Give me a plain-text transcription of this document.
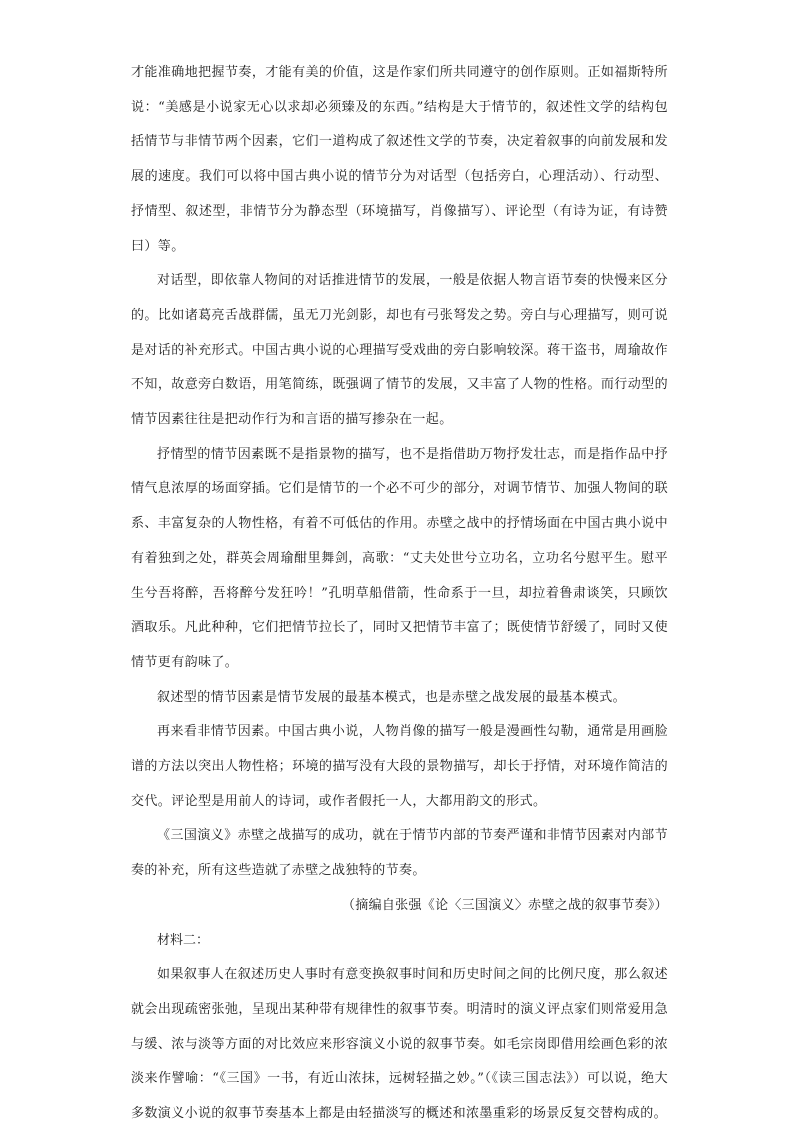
才能准确地把握节奏，才能有美的价值，这是作家们所共同遵守的创作原则。正如福斯特所说：“美感是小说家无心以求却必须臻及的东西。”结构是大于情节的，叙述性文学的结构包括情节与非情节两个因素，它们一道构成了叙述性文学的节奏，决定着叙事的向前发展和发展的速度。我们可以将中国古典小说的情节分为对话型（包括旁白，心理活动）、行动型、抒情型、叙述型，非情节分为静态型（环境描写，肖像描写）、评论型（有诗为证，有诗赞曰）等。

对话型，即依靠人物间的对话推进情节的发展，一般是依据人物言语节奏的快慢来区分的。比如诸葛亮舌战群儒，虽无刀光剑影，却也有弓张弩发之势。旁白与心理描写，则可说是对话的补充形式。中国古典小说的心理描写受戏曲的旁白影响较深。蒋干盗书，周瑜故作不知，故意旁白数语，用笔简练，既强调了情节的发展，又丰富了人物的性格。而行动型的情节因素往往是把动作行为和言语的描写掺杂在一起。

抒情型的情节因素既不是指景物的描写，也不是指借助万物抒发壮志，而是指作品中抒情气息浓厚的场面穿插。它们是情节的一个必不可少的部分，对调节情节、加强人物间的联系、丰富复杂的人物性格，有着不可低估的作用。赤壁之战中的抒情场面在中国古典小说中有着独到之处，群英会周瑜酣里舞剑，高歌：“丈夫处世兮立功名，立功名兮慰平生。慰平生兮吾将醉，吾将醉兮发狂吟！”孔明草船借箭，性命系于一旦，却拉着鲁肃谈笑，只顾饮酒取乐。凡此种种，它们把情节拉长了，同时又把情节丰富了；既使情节舒缓了，同时又使情节更有韵味了。

叙述型的情节因素是情节发展的最基本模式，也是赤壁之战发展的最基本模式。

再来看非情节因素。中国古典小说，人物肖像的描写一般是漫画性勾勒，通常是用画脸谱的方法以突出人物性格；环境的描写没有大段的景物描写，却长于抒情，对环境作简洁的交代。评论型是用前人的诗词，或作者假托一人，大都用韵文的形式。

《三国演义》赤壁之战描写的成功，就在于情节内部的节奏严谨和非情节因素对内部节奏的补充，所有这些造就了赤壁之战独特的节奏。

（摘编自张强《论〈三国演义〉赤壁之战的叙事节奏》）

材料二：

如果叙事人在叙述历史人事时有意变换叙事时间和历史时间之间的比例尺度，那么叙述就会出现疏密张弛，呈现出某种带有规律性的叙事节奏。明清时的演义评点家们则常爱用急与缓、浓与淡等方面的对比效应来形容演义小说的叙事节奏。如毛宗岗即借用绘画色彩的浓淡来作譬喻：“《三国》一书，有近山浓抹，远树轻描之妙。”（《读三国志法》）可以说，绝大多数演义小说的叙事节奏基本上都是由轻描淡写的概述和浓墨重彩的场景反复交替构成的。
